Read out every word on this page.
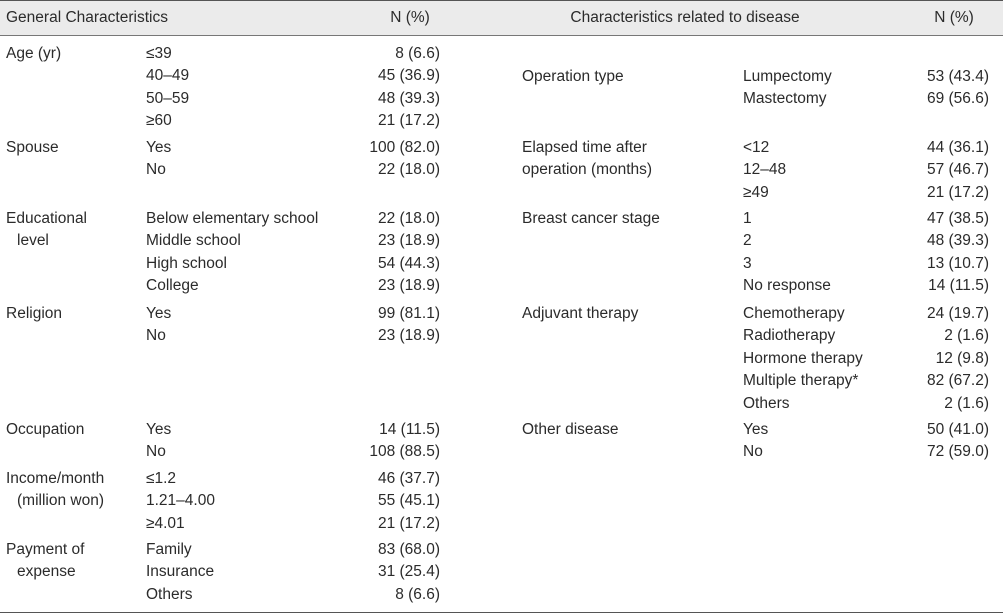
General Characteristics	N (%)	Characteristics related to disease	N (%)
Age (yr)	≤39	8 (6.6)
40–49	45 (36.9)
50–59	48 (39.3)
≥60	21 (17.2)
Spouse	Yes	100 (82.0)
No	22 (18.0)
Educational
level
Below elementary school	22 (18.0)
Middle school	23 (18.9)
High school	54 (44.3)
College	23 (18.9)
Religion	Yes	99 (81.1)
No	23 (18.9)
Occupation	Yes	14 (11.5)
No	108 (88.5)
Income/month
(million won)
≤1.2	46 (37.7)
1.21–4.00	55 (45.1)
≥4.01	21 (17.2)
Payment of
expense
Family	83 (68.0)
Insurance	31 (25.4)
Others	8 (6.6)
Operation type	Lumpectomy	53 (43.4)
Mastectomy	69 (56.6)
Elapsed time after
operation (months)
<12	44 (36.1)
12–48	57 (46.7)
≥49	21 (17.2)
Breast cancer stage	1	47 (38.5)
2	48 (39.3)
3	13 (10.7)
No response	14 (11.5)
Adjuvant therapy	Chemotherapy	24 (19.7)
Radiotherapy	2 (1.6)
Hormone therapy	12 (9.8)
Multiple therapy*	82 (67.2)
Others	2 (1.6)
Other disease	Yes	50 (41.0)
No	72 (59.0)
